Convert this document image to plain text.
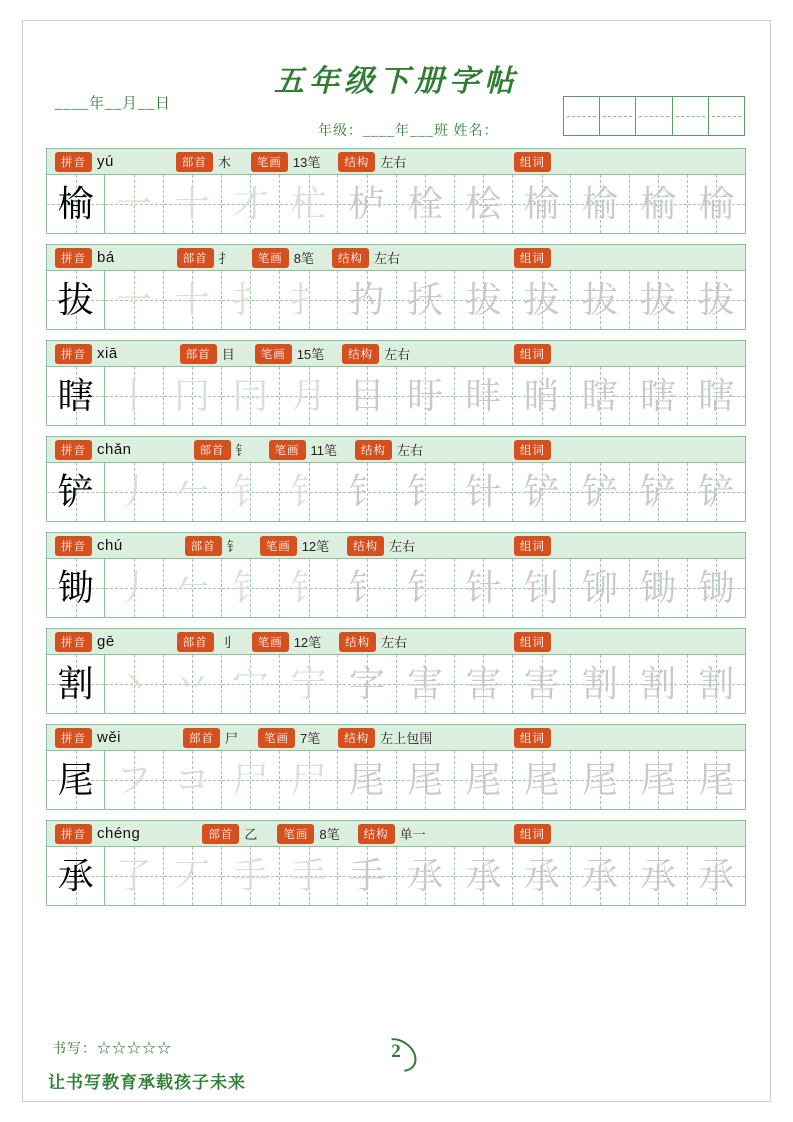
五年级下册字帖
____年__月__日
年级：____年___班 姓名：
拼音 yú	部首 木	笔画 13笔	结构 左右	组词
榆 一 十 才 杧 栌 栓 桧 榆 榆 榆 榆
拼音 bá	部首 扌	笔画 8笔	结构 左右	组词
拔 一 十 扌 扌 扚 扷 拔 拔 拔 拔 拔
拼音 xiā	部首 目	笔画 15笔	结构 左右	组词
瞎 丨 冂 冃 月 目 盱 盽 睄 瞎 瞎 瞎
拼音 chǎn	部首 钅	笔画 11笔	结构 左右	组词
铲 丿 𠂉 钅 钅 钅 钅 针 铲 铲 铲 铲
拼音 chú	部首 钅	笔画 12笔	结构 左右	组词
锄 丿 𠂉 钅 钅 钅 钅 针 钊 铆 锄 锄
拼音 gē	部首 刂	笔画 12笔	结构 左右	组词
割 丶 丷 宀 宁 字 害 害 害 割 割 割
拼音 wěi	部首 尸	笔画 7笔	结构 左上包围	组词
尾 フ コ 尸 尸 尾 尾 尾 尾 尾 尾 尾
拼音 chéng	部首 乙	笔画 8笔	结构 单一	组词
承 了 丆 手 手 手 承 承 承 承 承 承
书写：☆☆☆☆☆
让书写教育承载孩子未来
2
